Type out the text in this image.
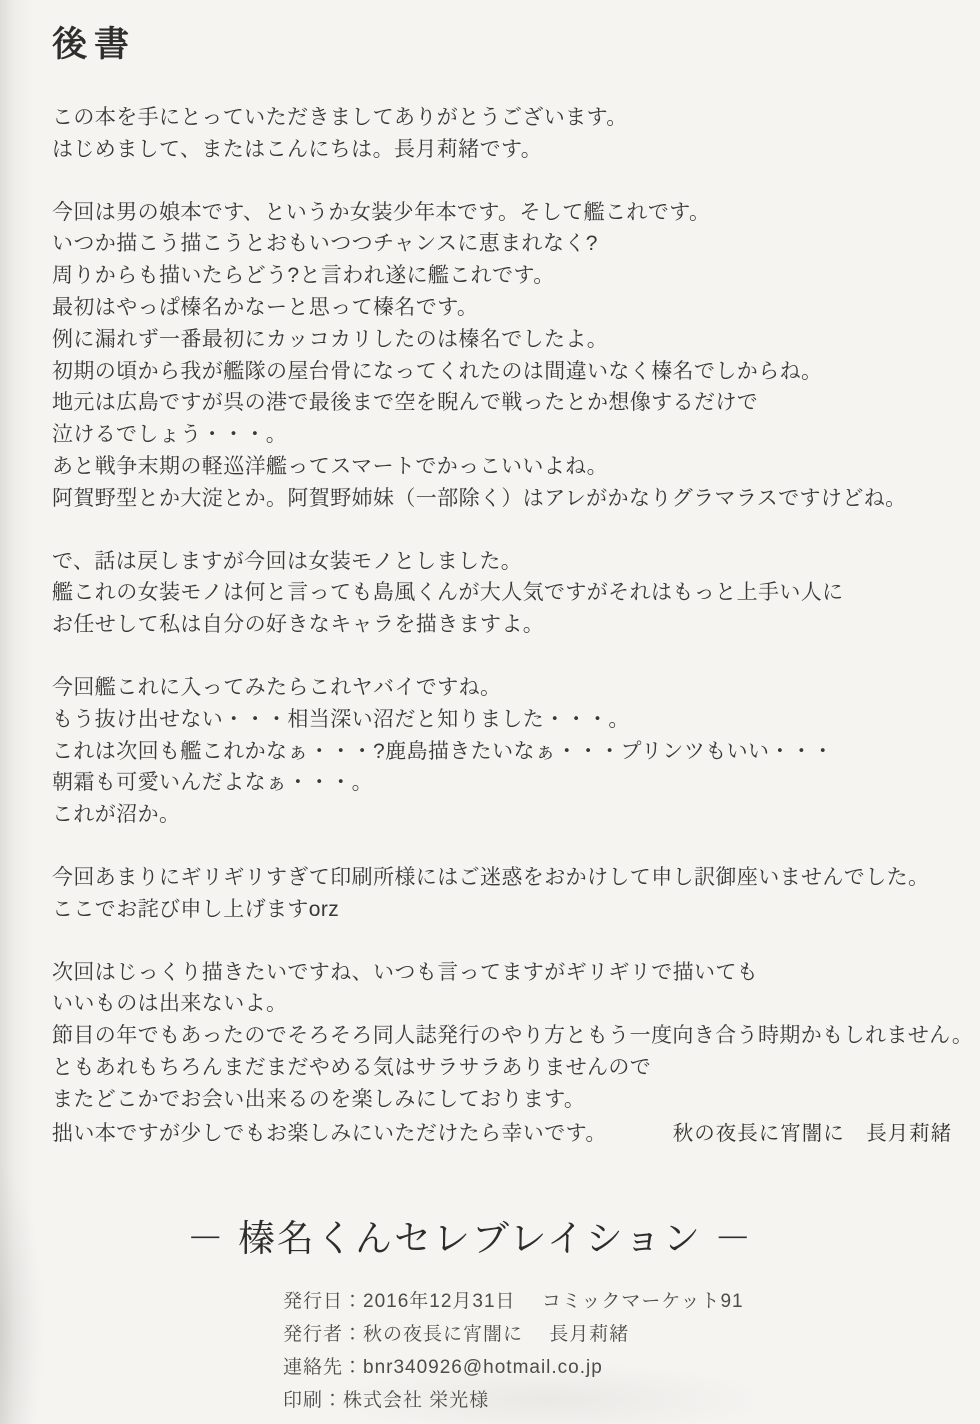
後書
この本を手にとっていただきましてありがとうございます。
はじめまして、またはこんにちは。長月莉緒です。
今回は男の娘本です、というか女装少年本です。そして艦これです。
いつか描こう描こうとおもいつつチャンスに恵まれなく?
周りからも描いたらどう?と言われ遂に艦これです。
最初はやっぱ榛名かなーと思って榛名です。
例に漏れず一番最初にカッコカリしたのは榛名でしたよ。
初期の頃から我が艦隊の屋台骨になってくれたのは間違いなく榛名でしからね。
地元は広島ですが呉の港で最後まで空を睨んで戦ったとか想像するだけで
泣けるでしょう・・・。
あと戦争末期の軽巡洋艦ってスマートでかっこいいよね。
阿賀野型とか大淀とか。阿賀野姉妹（一部除く）はアレがかなりグラマラスですけどね。
で、話は戻しますが今回は女装モノとしました。
艦これの女装モノは何と言っても島風くんが大人気ですがそれはもっと上手い人に
お任せして私は自分の好きなキャラを描きますよ。
今回艦これに入ってみたらこれヤバイですね。
もう抜け出せない・・・相当深い沼だと知りました・・・。
これは次回も艦これかなぁ・・・?鹿島描きたいなぁ・・・プリンツもいい・・・
朝霜も可愛いんだよなぁ・・・。
これが沼か。
今回あまりにギリギリすぎて印刷所様にはご迷惑をおかけして申し訳御座いませんでした。
ここでお詫び申し上げますorz
次回はじっくり描きたいですね、いつも言ってますがギリギリで描いても
いいものは出来ないよ。
節目の年でもあったのでそろそろ同人誌発行のやり方ともう一度向き合う時期かもしれません。
ともあれもちろんまだまだやめる気はサラサラありませんので
またどこかでお会い出来るのを楽しみにしております。
拙い本ですが少しでもお楽しみにいただけたら幸いです。	秋の夜長に宵闇に　長月莉緒
－ 榛名くんセレブレイション －
発行日：2016年12月31日　 コミックマーケット91
発行者：秋の夜長に宵闇に　 長月莉緒
連絡先：bnr340926@hotmail.co.jp
印刷：株式会社 栄光様
